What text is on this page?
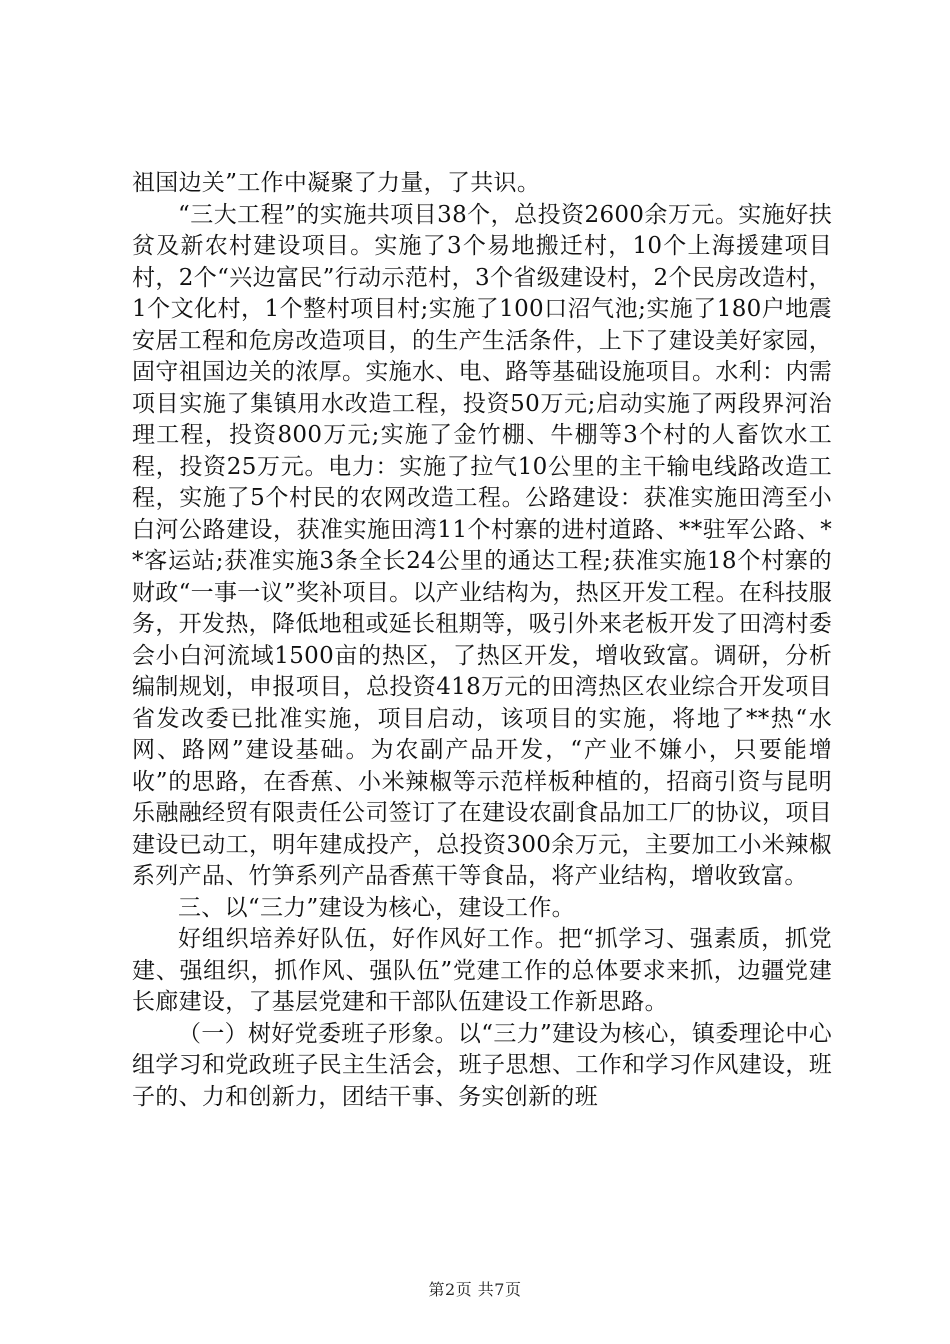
祖国边关”工作中凝聚了力量，了共识。

“三大工程”的实施共项目38个，总投资2600余万元。实施好扶贫及新农村建设项目。实施了3个易地搬迁村，10个上海援建项目村，2个“兴边富民”行动示范村，3个省级建设村，2个民房改造村，1个文化村，1个整村项目村;实施了100口沼气池;实施了180户地震安居工程和危房改造项目，的生产生活条件，上下了建设美好家园，固守祖国边关的浓厚。实施水、电、路等基础设施项目。水利：内需项目实施了集镇用水改造工程，投资50万元;启动实施了两段界河治理工程，投资800万元;实施了金竹棚、牛棚等3个村的人畜饮水工程，投资25万元。电力：实施了拉气10公里的主干输电线路改造工程，实施了5个村民的农网改造工程。公路建设：获准实施田湾至小白河公路建设，获准实施田湾11个村寨的进村道路、**驻军公路、**客运站;获准实施3条全长24公里的通达工程;获准实施18个村寨的财政“一事一议”奖补项目。以产业结构为，热区开发工程。在科技服务，开发热，降低地租或延长租期等，吸引外来老板开发了田湾村委会小白河流域1500亩的热区，了热区开发，增收致富。调研，分析编制规划，申报项目，总投资418万元的田湾热区农业综合开发项目省发改委已批准实施，项目启动，该项目的实施，将地了**热“水网、路网”建设基础。为农副产品开发，“产业不嫌小，只要能增收”的思路，在香蕉、小米辣椒等示范样板种植的，招商引资与昆明乐融融经贸有限责任公司签订了在建设农副食品加工厂的协议，项目建设已动工，明年建成投产，总投资300余万元，主要加工小米辣椒系列产品、竹笋系列产品香蕉干等食品，将产业结构，增收致富。

三、以“三力”建设为核心，建设工作。

好组织培养好队伍，好作风好工作。把“抓学习、强素质，抓党建、强组织，抓作风、强队伍”党建工作的总体要求来抓，边疆党建长廊建设，了基层党建和干部队伍建设工作新思路。

（一）树好党委班子形象。以“三力”建设为核心，镇委理论中心组学习和党政班子民主生活会，班子思想、工作和学习作风建设，班子的、力和创新力，团结干事、务实创新的班

第2页 共7页
